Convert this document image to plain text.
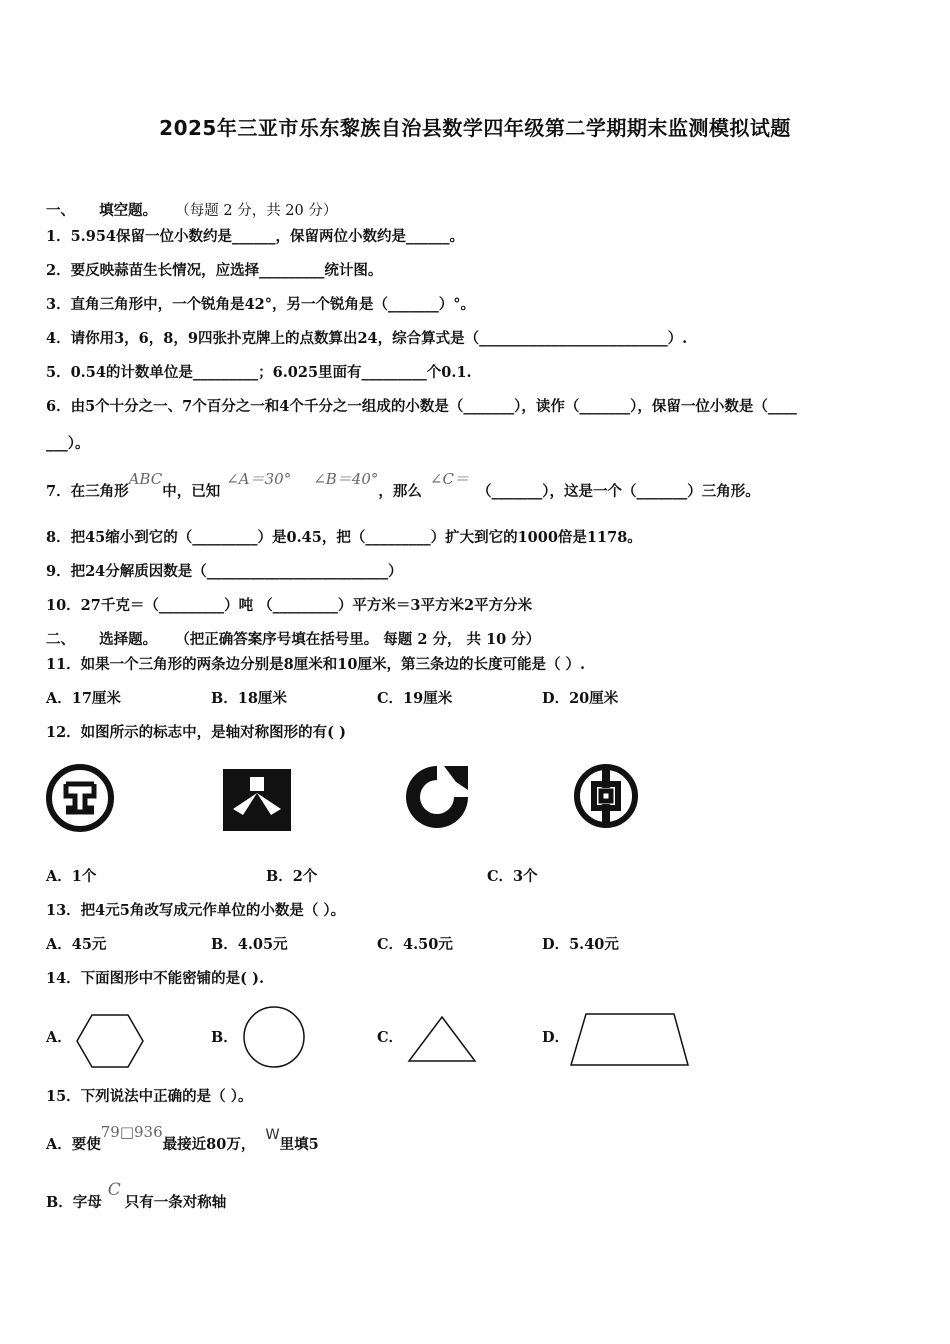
2025年三亚市乐东黎族自治县数学四年级第二学期期末监测模拟试题
一、 填空题。 （每题 2 分，共 20 分）
1．5.954保留一位小数约是______，保留两位小数约是______。
2．要反映蒜苗生长情况，应选择_________统计图。
3．直角三角形中，一个锐角是42°，另一个锐角是（_______）°。
4．请你用3，6，8，9四张扑克牌上的点数算出24，综合算式是（__________________________）.
5．0.54的计数单位是_________；6.025里面有_________个0.1.
6．由5个十分之一、7个百分之一和4个千分之一组成的小数是（_______），读作（_______），保留一位小数是（____
___）。
7．在三角形ABC中，已知∠A＝30° ∠B＝40°，那么∠C＝（_______），这是一个（_______）三角形。
8．把45缩小到它的（_________）是0.45，把（_________）扩大到它的1000倍是1178。
9．把24分解质因数是（_________________________）
10．27千克＝（_________）吨 （_________）平方米＝3平方米2平方分米
二、 选择题。 （把正确答案序号填在括号里。 每题 2 分， 共 10 分）
11．如果一个三角形的两条边分别是8厘米和10厘米，第三条边的长度可能是（ ）.
A．17厘米	B．18厘米	C．19厘米	D．20厘米
12．如图所示的标志中，是轴对称图形的有( )
A．1个	B．2个	C．3个
13．把4元5角改写成元作单位的小数是（ ）。
A．45元	B．4.05元	C．4.50元	D．5.40元
14．下面图形中不能密铺的是( ).
A．	B．	C．	D．
15．下列说法中正确的是（ ）。
A．要使79□936最接近80万，W里填5
B．字母C只有一条对称轴
